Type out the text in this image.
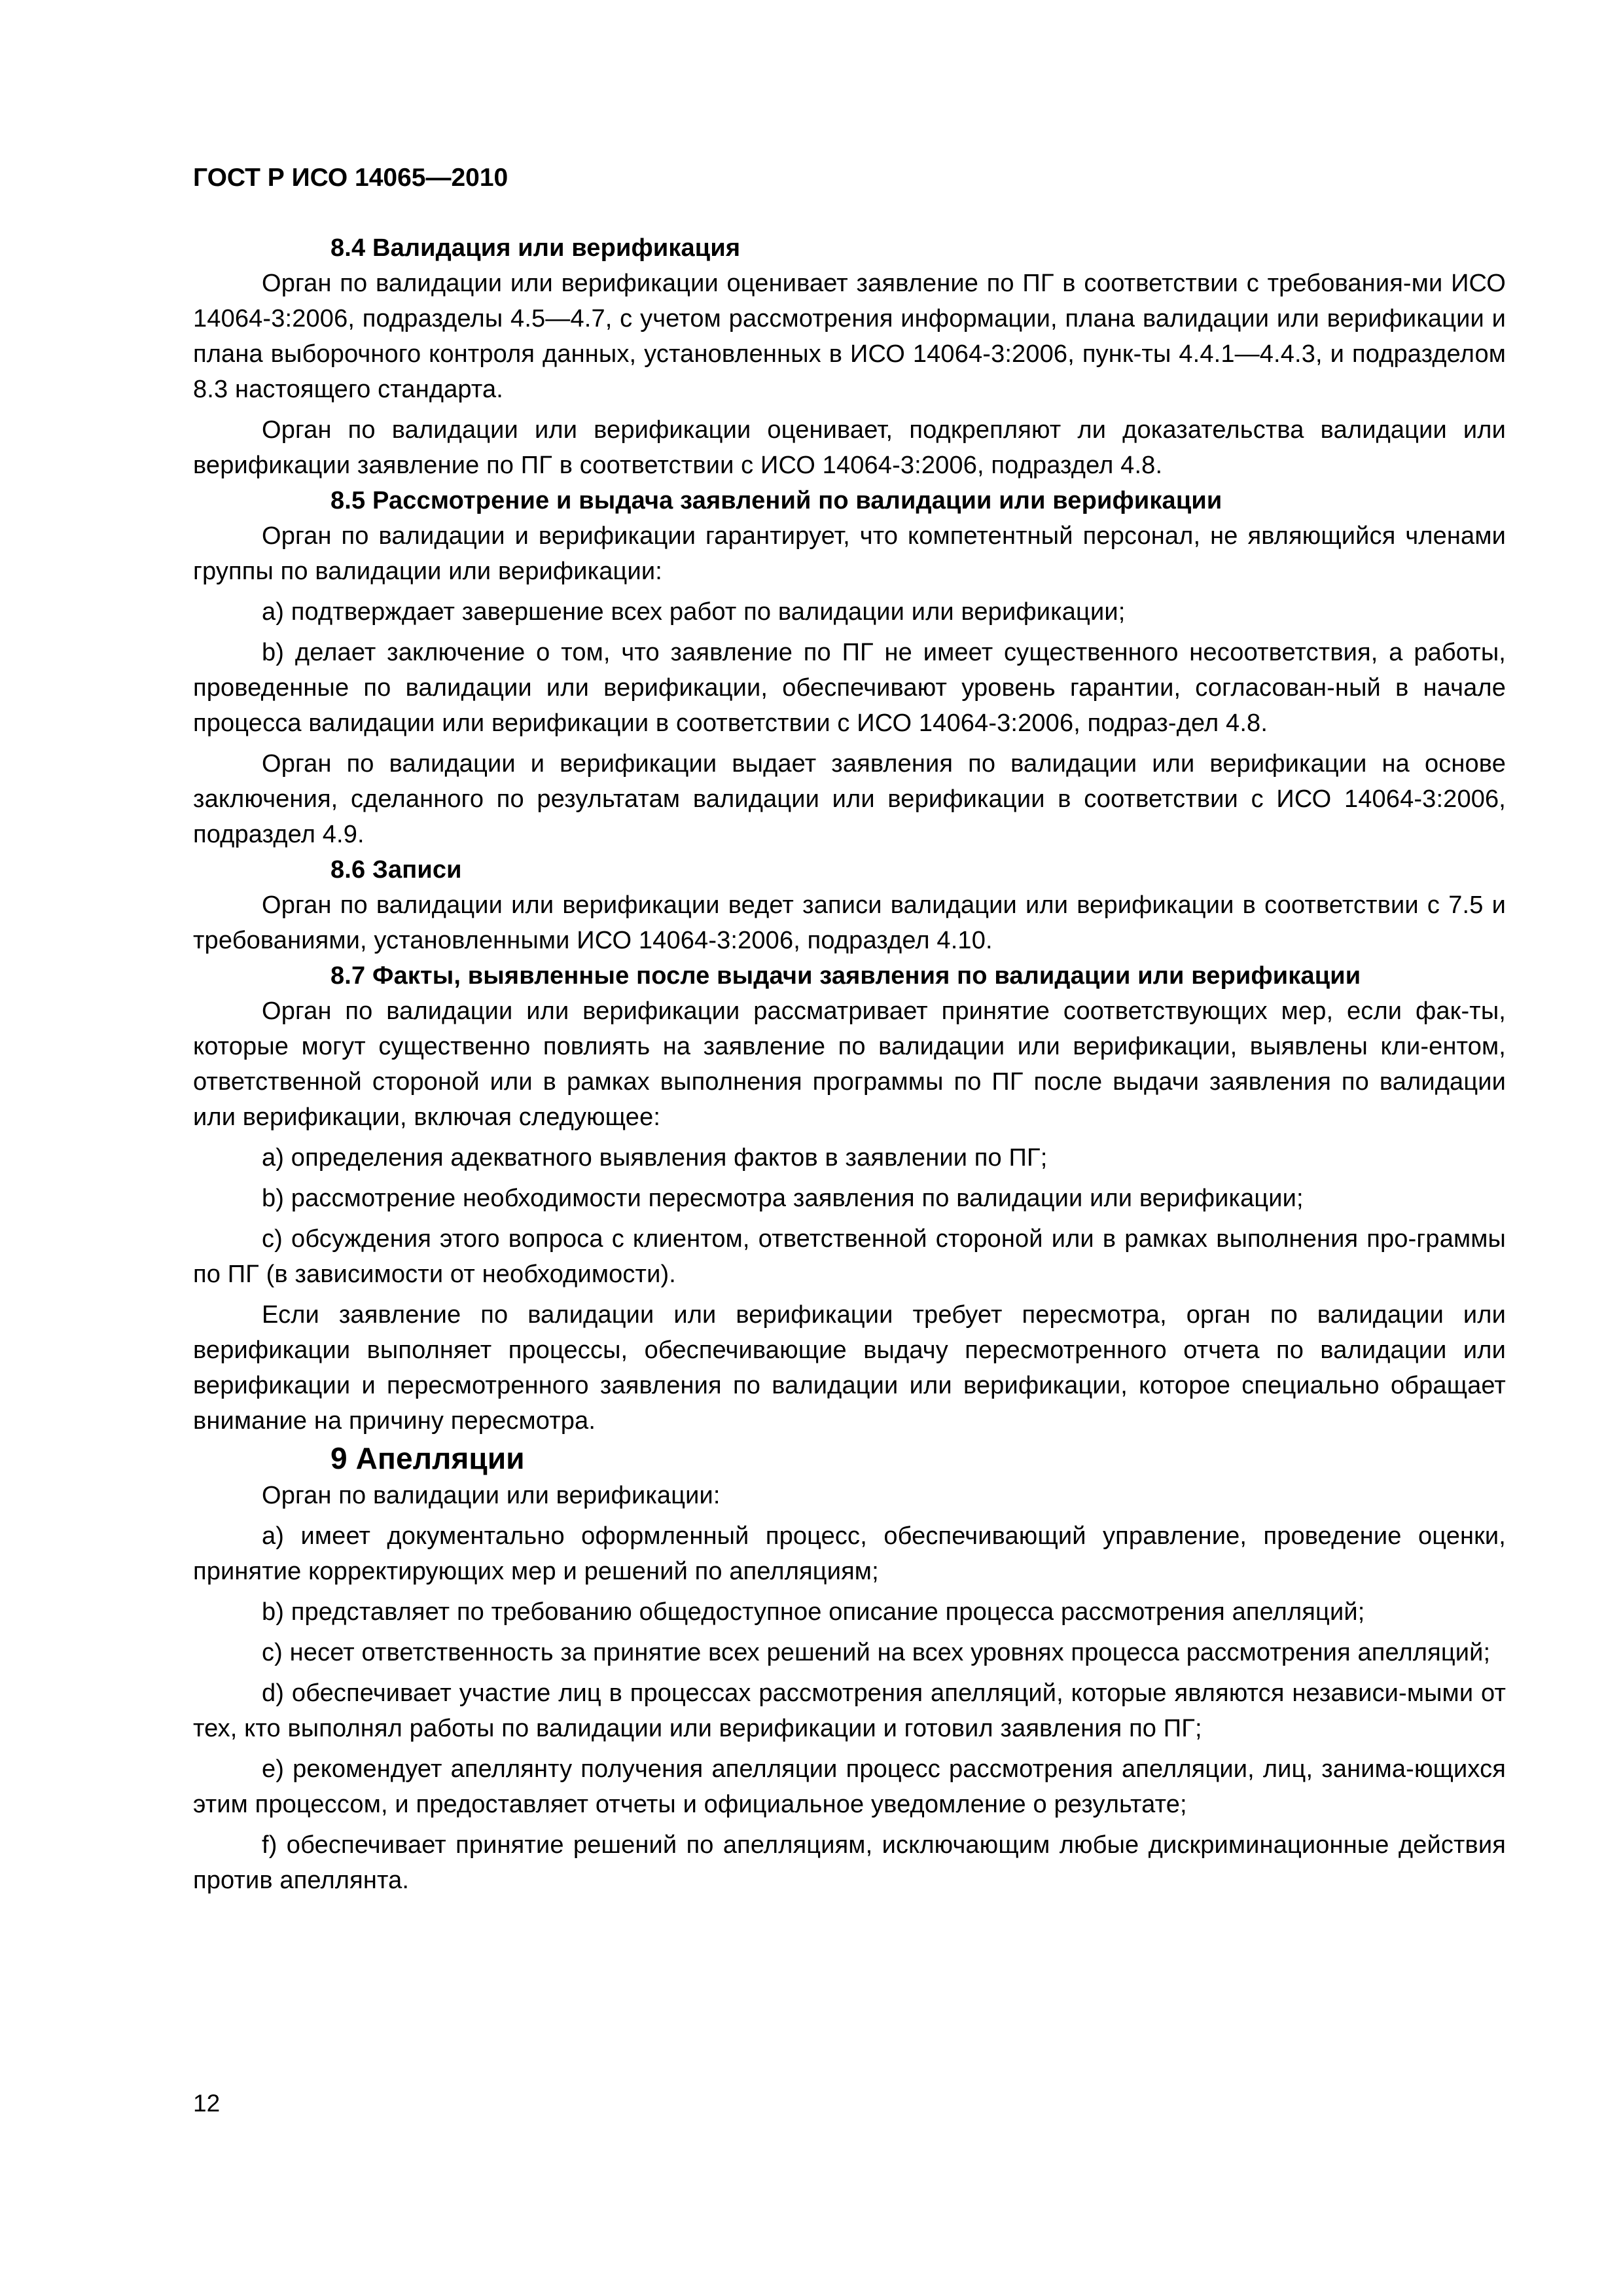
ГОСТ Р ИСО 14065—2010

8.4 Валидация или верификация

Орган по валидации или верификации оценивает заявление по ПГ в соответствии с требования-ми ИСО 14064-3:2006, подразделы 4.5—4.7, с учетом рассмотрения информации, плана валидации или верификации и плана выборочного контроля данных, установленных в ИСО 14064-3:2006, пунк-ты 4.4.1—4.4.3, и подразделом 8.3 настоящего стандарта.

Орган по валидации или верификации оценивает, подкрепляют ли доказательства валидации или верификации заявление по ПГ в соответствии с ИСО 14064-3:2006, подраздел 4.8.

8.5 Рассмотрение и выдача заявлений по валидации или верификации

Орган по валидации и верификации гарантирует, что компетентный персонал, не являющийся членами группы по валидации или верификации:

a) подтверждает завершение всех работ по валидации или верификации;

b) делает заключение о том, что заявление по ПГ не имеет существенного несоответствия, а работы, проведенные по валидации или верификации, обеспечивают уровень гарантии, согласован-ный в начале процесса валидации или верификации в соответствии с ИСО 14064-3:2006, подраз-дел 4.8.

Орган по валидации и верификации выдает заявления по валидации или верификации на основе заключения, сделанного по результатам валидации или верификации в соответствии с ИСО 14064-3:2006, подраздел 4.9.

8.6 Записи

Орган по валидации или верификации ведет записи валидации или верификации в соответствии с 7.5 и требованиями, установленными ИСО 14064-3:2006, подраздел 4.10.

8.7 Факты, выявленные после выдачи заявления по валидации или верификации

Орган по валидации или верификации рассматривает принятие соответствующих мер, если фак-ты, которые могут существенно повлиять на заявление по валидации или верификации, выявлены кли-ентом, ответственной стороной или в рамках выполнения программы по ПГ после выдачи заявления по валидации или верификации, включая следующее:

a) определения адекватного выявления фактов в заявлении по ПГ;

b) рассмотрение необходимости пересмотра заявления по валидации или верификации;

c) обсуждения этого вопроса с клиентом, ответственной стороной или в рамках выполнения про-граммы по ПГ (в зависимости от необходимости).

Если заявление по валидации или верификации требует пересмотра, орган по валидации или верификации выполняет процессы, обеспечивающие выдачу пересмотренного отчета по валидации или верификации и пересмотренного заявления по валидации или верификации, которое специально обращает внимание на причину пересмотра.

9 Апелляции

Орган по валидации или верификации:

a) имеет документально оформленный процесс, обеспечивающий управление, проведение оценки, принятие корректирующих мер и решений по апелляциям;

b) представляет по требованию общедоступное описание процесса рассмотрения апелляций;

c) несет ответственность за принятие всех решений на всех уровнях процесса рассмотрения апелляций;

d) обеспечивает участие лиц в процессах рассмотрения апелляций, которые являются независи-мыми от тех, кто выполнял работы по валидации или верификации и готовил заявления по ПГ;

e) рекомендует апеллянту получения апелляции процесс рассмотрения апелляции, лиц, занима-ющихся этим процессом, и предоставляет отчеты и официальное уведомление о результате;

f) обеспечивает принятие решений по апелляциям, исключающим любые дискриминационные действия против апеллянта.

12
